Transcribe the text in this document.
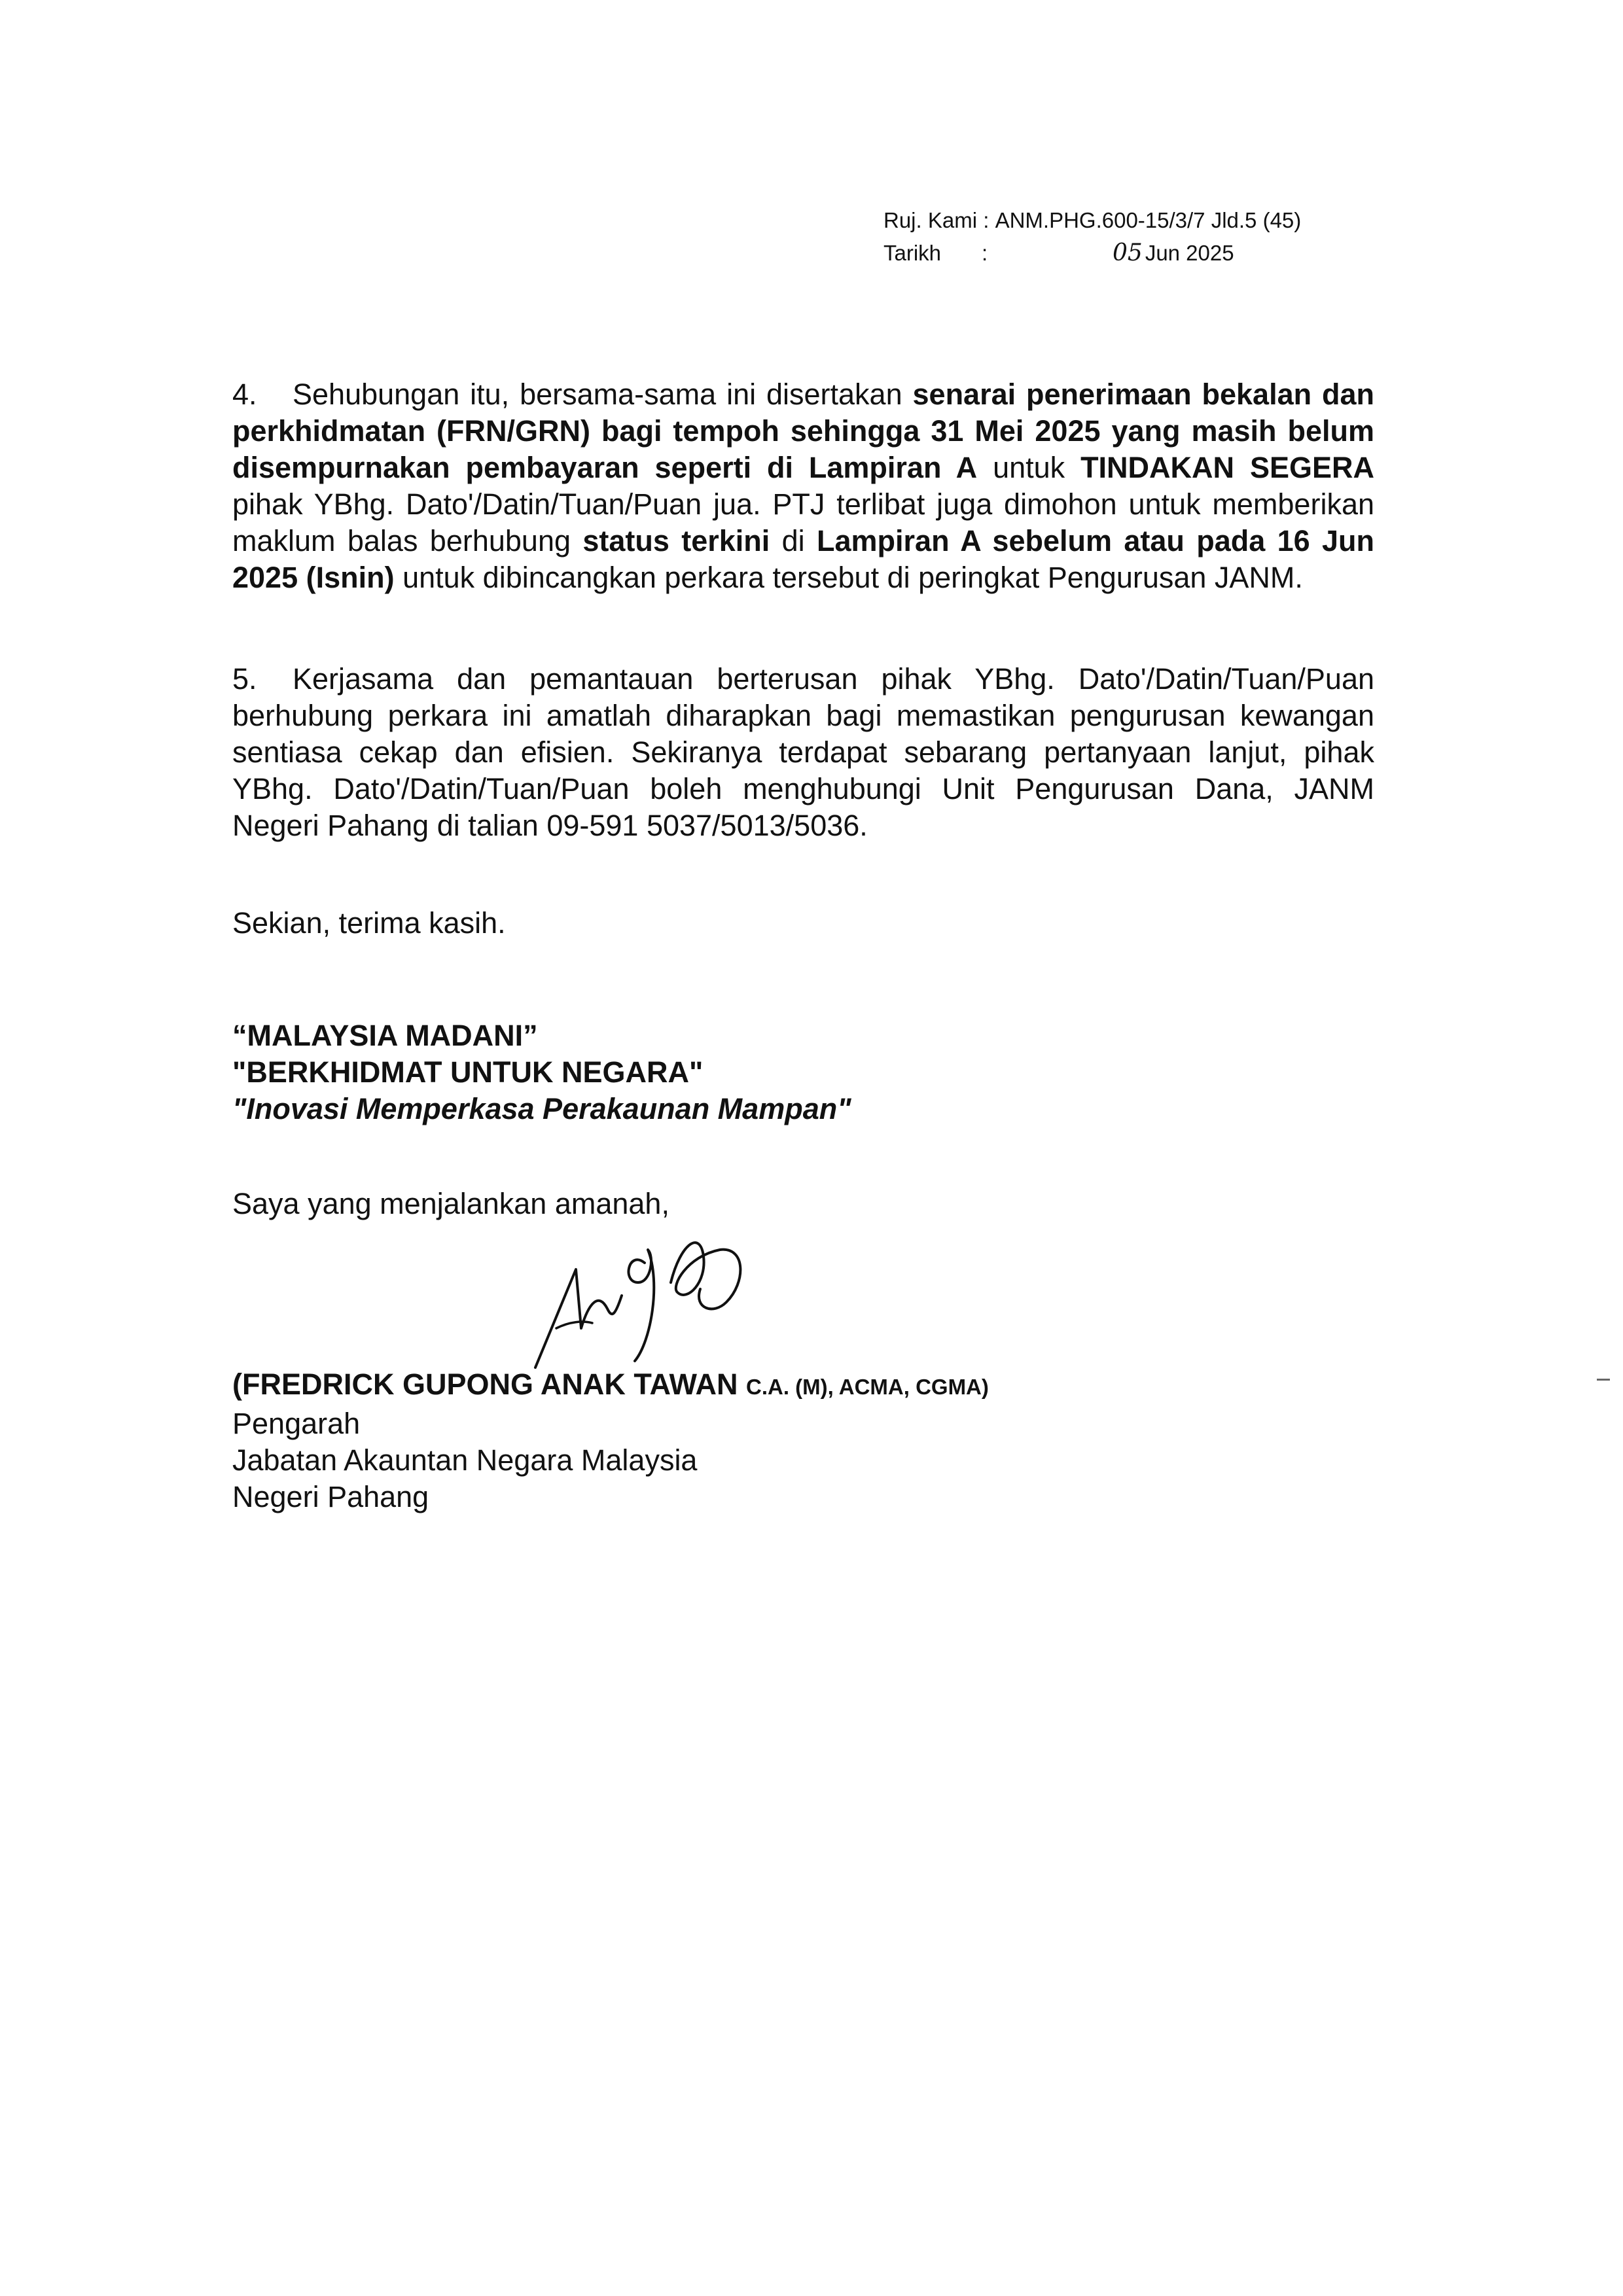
Ruj. Kami
:
ANM.PHG.600-15/3/7 Jld.5 (45)
Tarikh	:	05 Jun 2025

4. Sehubungan itu, bersama-sama ini disertakan senarai penerimaan bekalan dan perkhidmatan (FRN/GRN) bagi tempoh sehingga 31 Mei 2025 yang masih belum disempurnakan pembayaran seperti di Lampiran A untuk TINDAKAN SEGERA pihak YBhg. Dato'/Datin/Tuan/Puan jua. PTJ terlibat juga dimohon untuk memberikan maklum balas berhubung status terkini di Lampiran A sebelum atau pada 16 Jun 2025 (Isnin) untuk dibincangkan perkara tersebut di peringkat Pengurusan JANM.

5. Kerjasama dan pemantauan berterusan pihak YBhg. Dato'/Datin/Tuan/Puan berhubung perkara ini amatlah diharapkan bagi memastikan pengurusan kewangan sentiasa cekap dan efisien. Sekiranya terdapat sebarang pertanyaan lanjut, pihak YBhg. Dato'/Datin/Tuan/Puan boleh menghubungi Unit Pengurusan Dana, JANM Negeri Pahang di talian 09-591 5037/5013/5036.

Sekian, terima kasih.
“MALAYSIA MADANI”
"BERKHIDMAT UNTUK NEGARA"
"Inovasi Memperkasa Perakaunan Mampan"
Saya yang menjalankan amanah,
(FREDRICK GUPONG ANAK TAWAN C.A. (M), ACMA, CGMA)
Pengarah
Jabatan Akauntan Negara Malaysia
Negeri Pahang
